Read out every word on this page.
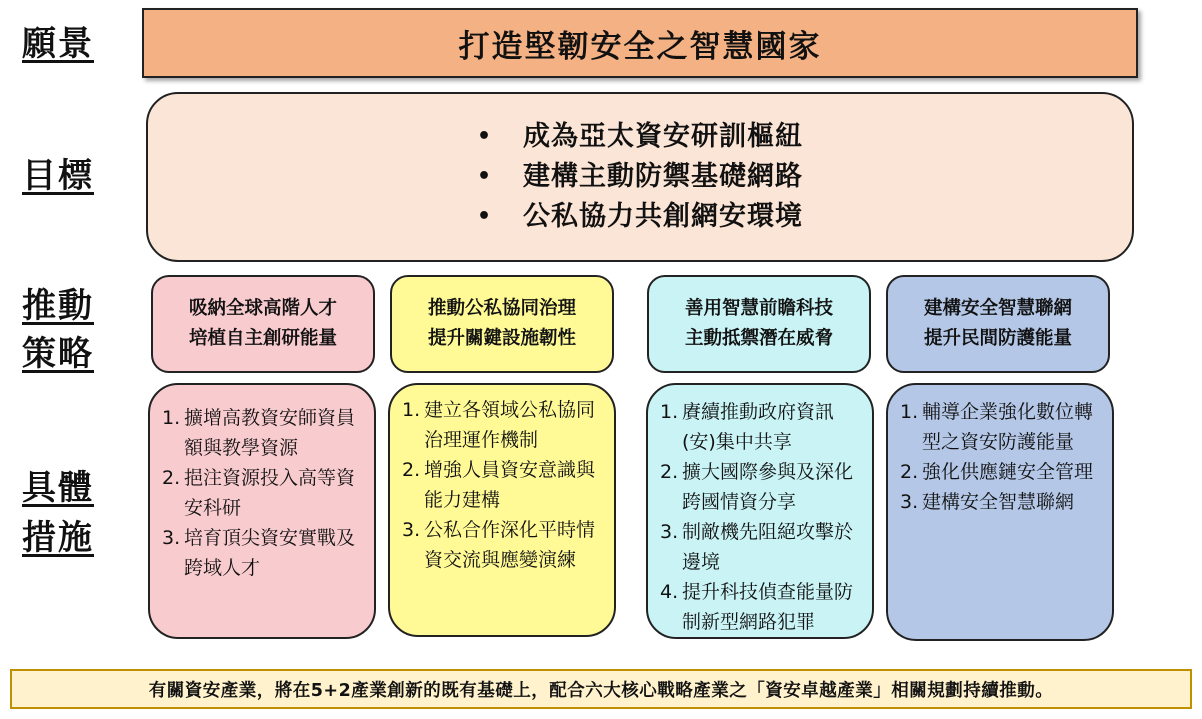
願景
目標
推動
策略
具體
措施
打造堅韌安全之智慧國家
•	成為亞太資安研訓樞紐
•	建構主動防禦基礎網路
•	公私協力共創網安環境
吸納全球高階人才
培植自主創研能量
推動公私協同治理
提升關鍵設施韌性
善用智慧前瞻科技
主動抵禦潛在威脅
建構安全智慧聯網
提升民間防護能量
1. 擴增高教資安師資員額與教學資源
2. 挹注資源投入高等資安科研
3. 培育頂尖資安實戰及跨域人才
1. 建立各領域公私協同治理運作機制
2. 增強人員資安意識與能力建構
3. 公私合作深化平時情資交流與應變演練
1. 賡續推動政府資訊(安)集中共享
2. 擴大國際參與及深化跨國情資分享
3. 制敵機先阻絕攻擊於邊境
4. 提升科技偵查能量防制新型網路犯罪
1. 輔導企業強化數位轉型之資安防護能量
2. 強化供應鏈安全管理
3. 建構安全智慧聯網
有關資安產業，將在5+2產業創新的既有基礎上，配合六大核心戰略產業之「資安卓越產業」相關規劃持續推動。
